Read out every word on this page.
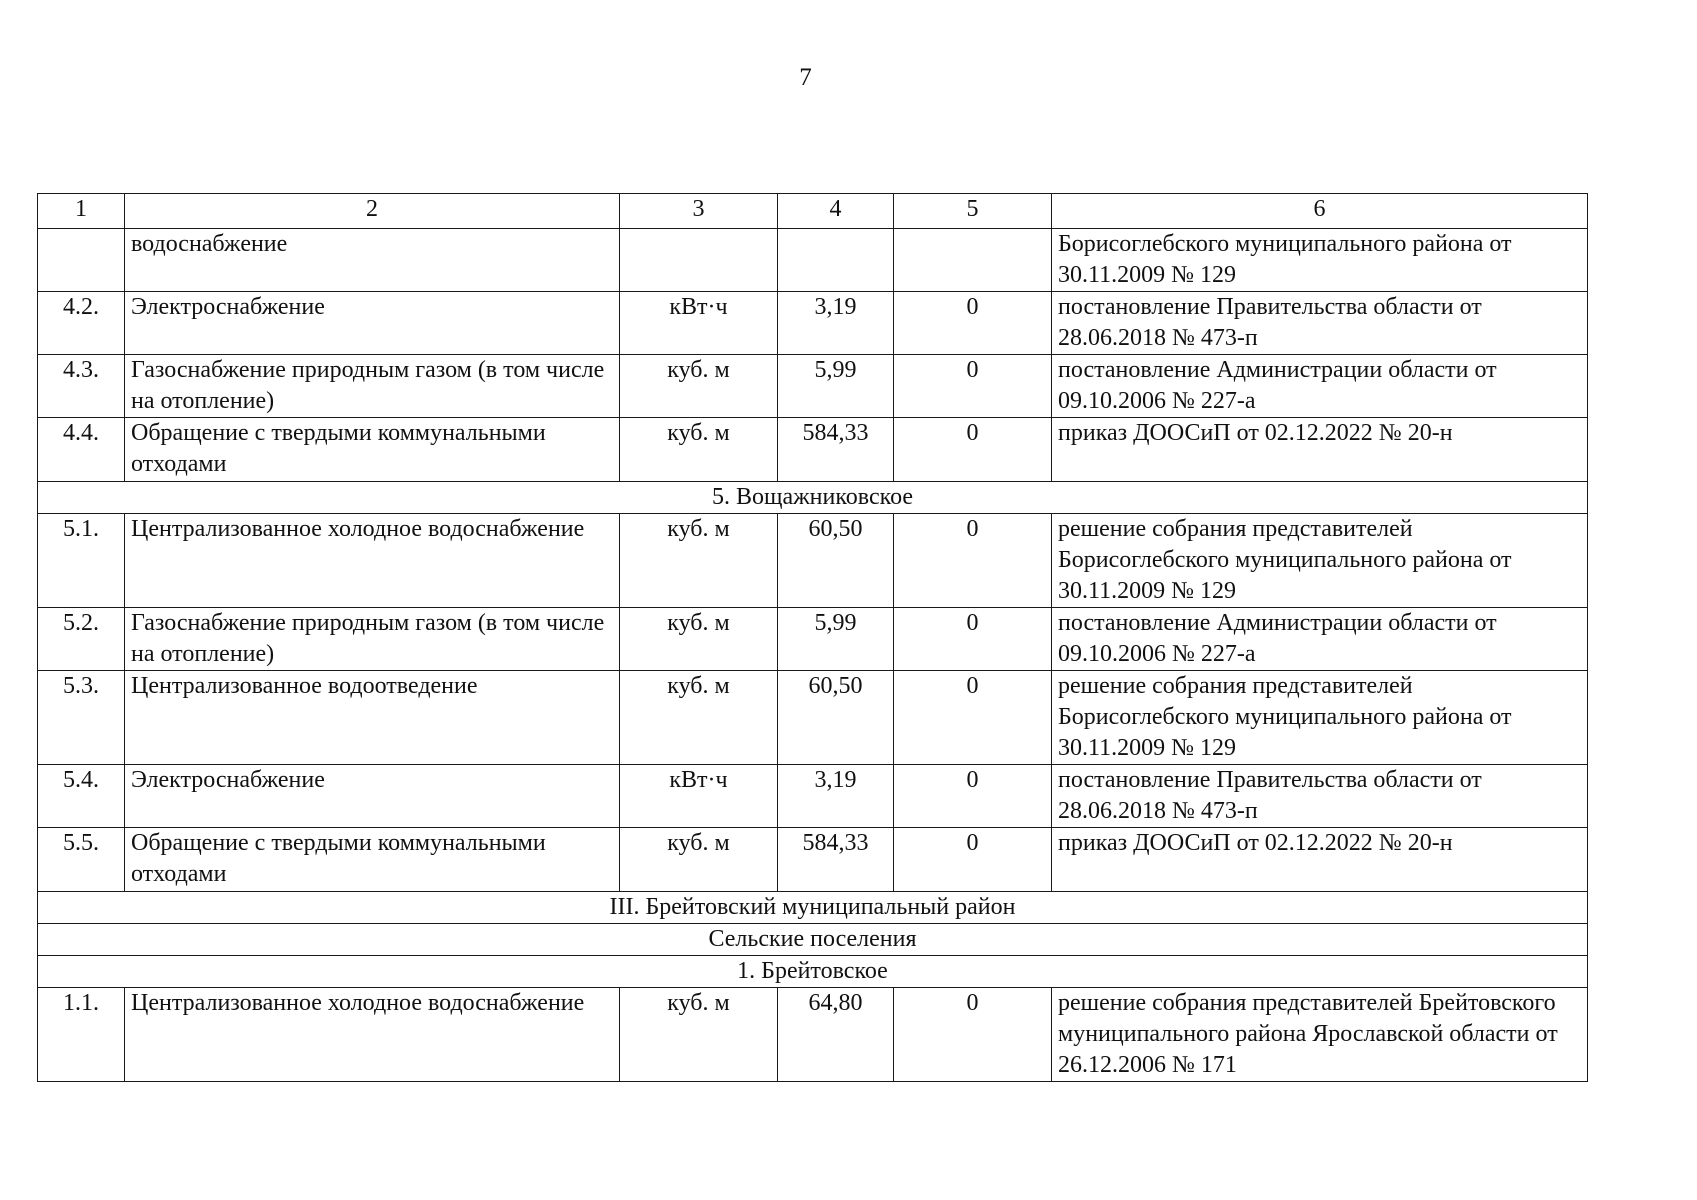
7
1	2	3	4	5	6
	водоснабжение				Борисоглебского муниципального района от 30.11.2009 № 129
4.2.	Электроснабжение	кВт·ч	3,19	0	постановление Правительства области от 28.06.2018 № 473-п
4.3.	Газоснабжение природным газом (в том числе на отопление)	куб. м	5,99	0	постановление Администрации области от 09.10.2006 № 227-а
4.4.	Обращение с твердыми коммунальными отходами	куб. м	584,33	0	приказ ДООСиП от 02.12.2022 № 20-н
5. Вощажниковское					
5.1.	Централизованное холодное водоснабжение	куб. м	60,50	0	решение собрания представителей Борисоглебского муниципального района от 30.11.2009 № 129
5.2.	Газоснабжение природным газом (в том числе на отопление)	куб. м	5,99	0	постановление Администрации области от 09.10.2006 № 227-а
5.3.	Централизованное водоотведение	куб. м	60,50	0	решение собрания представителей Борисоглебского муниципального района от 30.11.2009 № 129
5.4.	Электроснабжение	кВт·ч	3,19	0	постановление Правительства области от 28.06.2018 № 473-п
5.5.	Обращение с твердыми коммунальными отходами	куб. м	584,33	0	приказ ДООСиП от 02.12.2022 № 20-н
III. Брейтовский муниципальный район					
Сельские поселения					
1. Брейтовское					
1.1.	Централизованное холодное водоснабжение	куб. м	64,80	0	решение собрания представителей Брейтовского муниципального района Ярославской области от 26.12.2006 № 171
